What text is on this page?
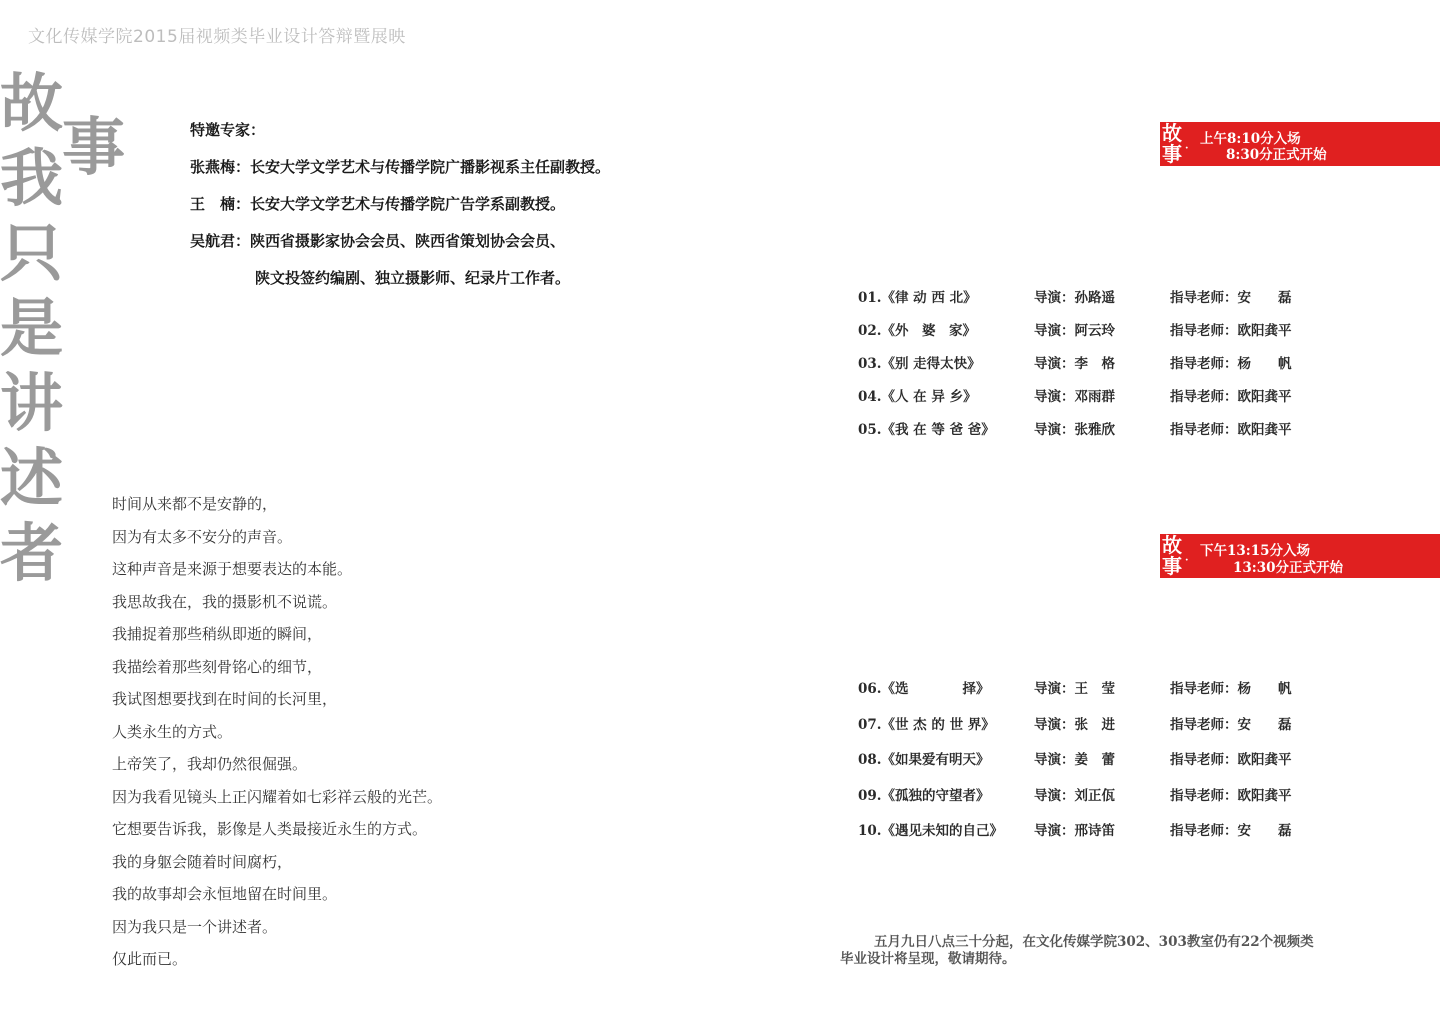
文化传媒学院2015届视频类毕业设计答辩暨展映
故
我
只
是
讲
述
者
事	特邀专家：
张燕梅：长安大学文学艺术与传播学院广播影视系主任副教授。
王　楠：长安大学文学艺术与传播学院广告学系副教授。
吴航君：陕西省摄影家协会会员、陕西省策划协会会员、
陕文投签约编剧、独立摄影师、纪录片工作者。
时间从来都不是安静的，
因为有太多不安分的声音。
这种声音是来源于想要表达的本能。
我思故我在，我的摄影机不说谎。
我捕捉着那些稍纵即逝的瞬间，
我描绘着那些刻骨铭心的细节，
我试图想要找到在时间的长河里，
人类永生的方式。
上帝笑了，我却仍然很倔强。
因为我看见镜头上正闪耀着如七彩祥云般的光芒。
它想要告诉我，影像是人类最接近永生的方式。
我的身躯会随着时间腐朽，
我的故事却会永恒地留在时间里。
因为我只是一个讲述者。
仅此而已。
故
事 ·
上午8:10分入场
8:30分正式开始
01.《律 动 西 北》	导演：孙路遥	指导老师：安　　磊
02.《外　婆　家》	导演：阿云玲	指导老师：欧阳龚平
03.《别 走得太快》	导演：李　格	指导老师：杨　　帆
04.《人 在 异 乡》	导演：邓雨群	指导老师：欧阳龚平
05.《我 在 等 爸 爸》	导演：张雅欣	指导老师：欧阳龚平
故
事 ·
下午13:15分入场
13:30分正式开始
06.《选　　　　择》	导演：王　莹	指导老师：杨　　帆
07.《世 杰 的 世 界》	导演：张　进	指导老师：安　　磊
08.《如果爱有明天》	导演：姜　蕾	指导老师：欧阳龚平
09.《孤独的守望者》	导演：刘正佤	指导老师：欧阳龚平
10.《遇见未知的自己》 导演：邢诗笛	指导老师：安　　磊
五月九日八点三十分起，在文化传媒学院302、303教室仍有22个视频类
毕业设计将呈现，敬请期待。
